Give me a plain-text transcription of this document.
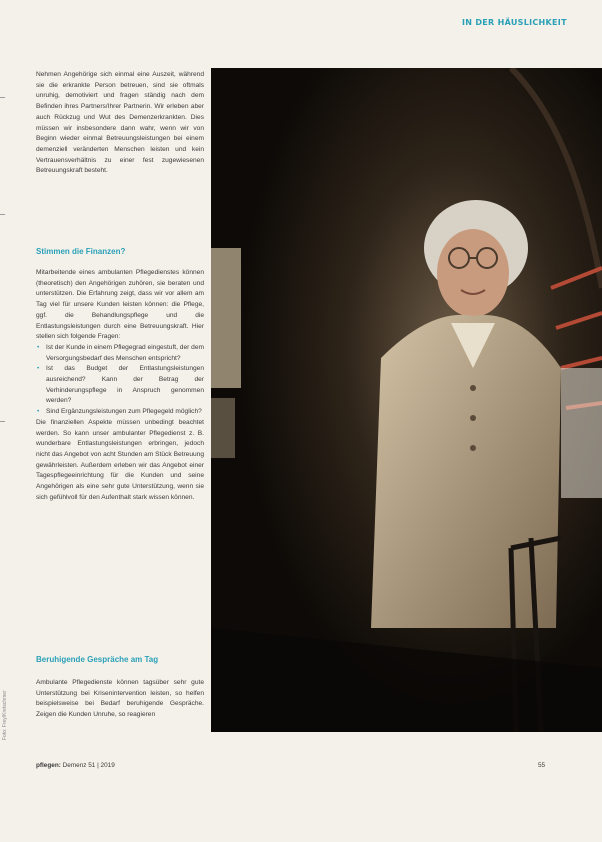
IN DER HÄUSLICHKEIT

Nehmen Angehörige sich einmal eine Auszeit, während sie die erkrankte Person betreuen, sind sie oftmals unruhig, demotiviert und fragen ständig nach dem Befinden ihres Partners/Ihrer Partnerin. Wir erleben aber auch Rückzug und Wut des Demenzerkrankten. Dies müssen wir insbesondere dann wahr, wenn wir von Beginn wieder einmal Betreuungsleistungen bei einem demenziell veränderten Menschen leisten und kein Vertrauensverhältnis zu einer fest zugewiesenen Betreuungskraft besteht.

Stimmen die Finanzen?

Mitarbeitende eines ambulanten Pflegedienstes können (theoretisch) den Angehörigen zuhören, sie beraten und unterstützen. Die Erfahrung zeigt, dass wir vor allem am Tag viel für unsere Kunden leisten können: die Pflege, ggf. die Behandlungspflege und die Entlastungsleistungen durch eine Betreuungskraft. Hier stellen sich folgende Fragen:

• Ist der Kunde in einem Pflegegrad eingestuft, der dem Versorgungsbedarf des Menschen entspricht?
• Ist das Budget der Entlastungsleistungen ausreichend? Kann der Betrag der Verhinderungspflege in Anspruch genommen werden?
• Sind Ergänzungsleistungen zum Pflegegeld möglich?

Die finanziellen Aspekte müssen unbedingt beachtet werden. So kann unser ambulanter Pflegedienst z. B. wunderbare Entlastungsleistungen erbringen, jedoch nicht das Angebot von acht Stunden am Stück Betreuung gewährleisten. Außerdem erleben wir das Angebot einer Tagespflegeeinrichtung für die Kunden und seine Angehörigen als eine sehr gute Unterstützung, wenn sie sich gefühlvoll für den Aufenthalt stark wissen können.

Beruhigende Gespräche am Tag

Ambulante Pflegedienste können tagsüber sehr gute Unterstützung bei Krisenintervention leisten, so helfen beispielsweise bei Bedarf beruhigende Gespräche. Zeigen die Kunden Unruhe, so reagieren

Foto: Frey/Kretschmer
pflegen: Demenz 51 | 2019	55
